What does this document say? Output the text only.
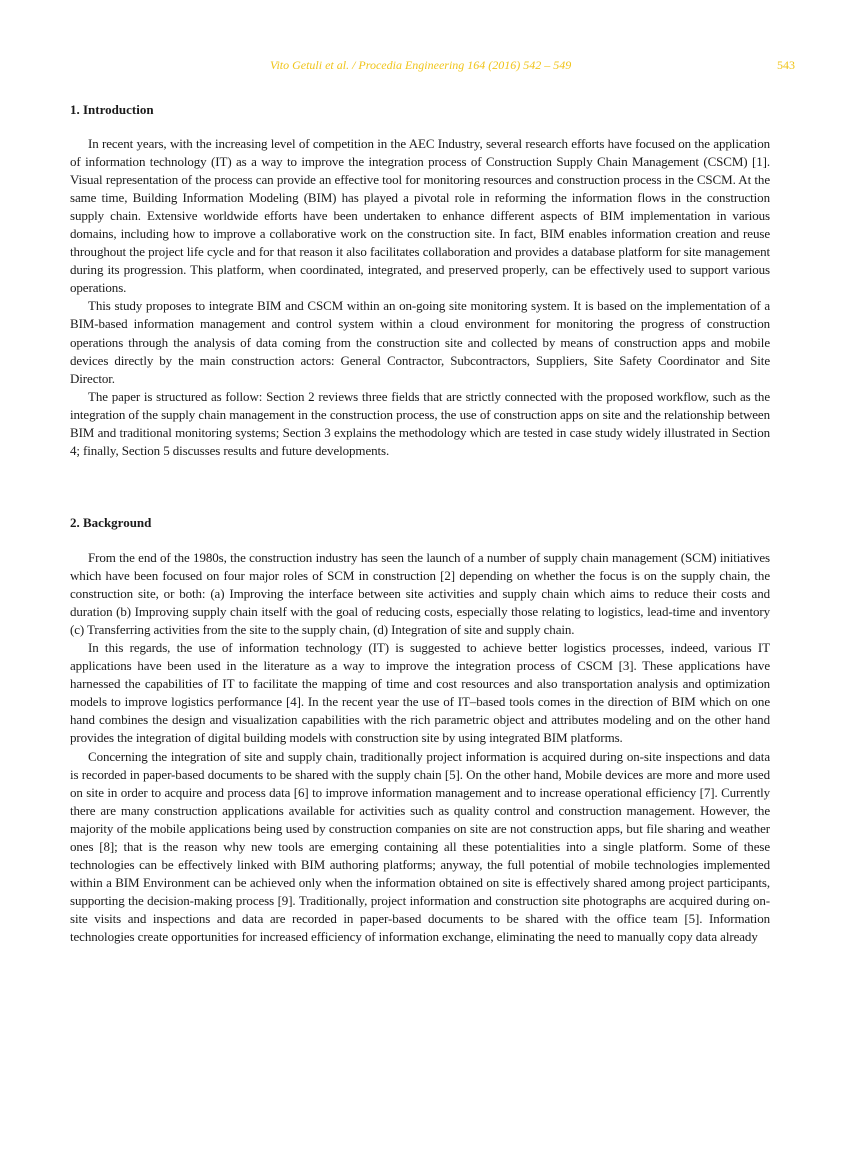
Vito Getuli et al. / Procedia Engineering 164 (2016) 542 – 549	543
1. Introduction

In recent years, with the increasing level of competition in the AEC Industry, several research efforts have focused on the application of information technology (IT) as a way to improve the integration process of Construction Supply Chain Management (CSCM) [1]. Visual representation of the process can provide an effective tool for monitoring resources and construction process in the CSCM. At the same time, Building Information Modeling (BIM) has played a pivotal role in reforming the information flows in the construction supply chain. Extensive worldwide efforts have been undertaken to enhance different aspects of BIM implementation in various domains, including how to improve a collaborative work on the construction site. In fact, BIM enables information creation and reuse throughout the project life cycle and for that reason it also facilitates collaboration and provides a database platform for site management during its progression. This platform, when coordinated, integrated, and preserved properly, can be effectively used to support various operations.

This study proposes to integrate BIM and CSCM within an on-going site monitoring system. It is based on the implementation of a BIM-based information management and control system within a cloud environment for monitoring the progress of construction operations through the analysis of data coming from the construction site and collected by means of construction apps and mobile devices directly by the main construction actors: General Contractor, Subcontractors, Suppliers, Site Safety Coordinator and Site Director.

The paper is structured as follow: Section 2 reviews three fields that are strictly connected with the proposed workflow, such as the integration of the supply chain management in the construction process, the use of construction apps on site and the relationship between BIM and traditional monitoring systems; Section 3 explains the methodology which are tested in case study widely illustrated in Section 4; finally, Section 5 discusses results and future developments.

2. Background

From the end of the 1980s, the construction industry has seen the launch of a number of supply chain management (SCM) initiatives which have been focused on four major roles of SCM in construction [2] depending on whether the focus is on the supply chain, the construction site, or both: (a) Improving the interface between site activities and supply chain which aims to reduce their costs and duration (b) Improving supply chain itself with the goal of reducing costs, especially those relating to logistics, lead-time and inventory (c) Transferring activities from the site to the supply chain, (d) Integration of site and supply chain.

In this regards, the use of information technology (IT) is suggested to achieve better logistics processes, indeed, various IT applications have been used in the literature as a way to improve the integration process of CSCM [3]. These applications have harnessed the capabilities of IT to facilitate the mapping of time and cost resources and also transportation analysis and optimization models to improve logistics performance [4]. In the recent year the use of IT–based tools comes in the direction of BIM which on one hand combines the design and visualization capabilities with the rich parametric object and attributes modeling and on the other hand provides the integration of digital building models with construction site by using integrated BIM platforms.

Concerning the integration of site and supply chain, traditionally project information is acquired during on-site inspections and data is recorded in paper-based documents to be shared with the supply chain [5]. On the other hand, Mobile devices are more and more used on site in order to acquire and process data [6] to improve information management and to increase operational efficiency [7]. Currently there are many construction applications available for activities such as quality control and construction management. However, the majority of the mobile applications being used by construction companies on site are not construction apps, but file sharing and weather ones [8]; that is the reason why new tools are emerging containing all these potentialities into a single platform. Some of these technologies can be effectively linked with BIM authoring platforms; anyway, the full potential of mobile technologies implemented within a BIM Environment can be achieved only when the information obtained on site is effectively shared among project participants, supporting the decision-making process [9]. Traditionally, project information and construction site photographs are acquired during on-site visits and inspections and data are recorded in paper-based documents to be shared with the office team [5]. Information technologies create opportunities for increased efficiency of information exchange, eliminating the need to manually copy data already
